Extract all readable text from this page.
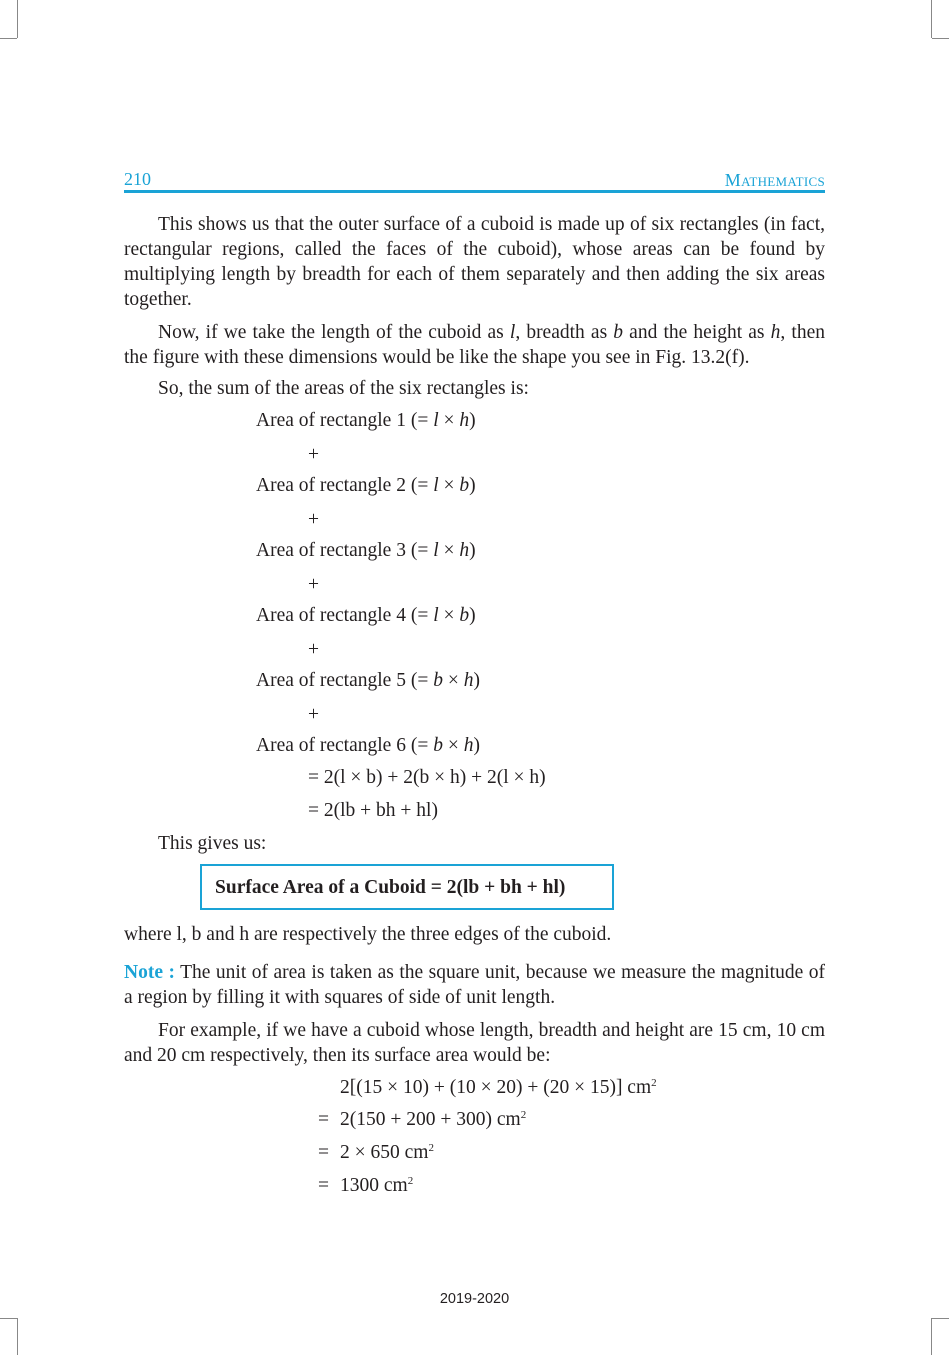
210	Mathematics

This shows us that the outer surface of a cuboid is made up of six rectangles (in fact, rectangular regions, called the faces of the cuboid), whose areas can be found by multiplying length by breadth for each of them separately and then adding the six areas together.

Now, if we take the length of the cuboid as l, breadth as b and the height as h, then the figure with these dimensions would be like the shape you see in Fig. 13.2(f).

So, the sum of the areas of the six rectangles is:

Area of rectangle 1 (= l × h)
+
Area of rectangle 2 (= l × b)
+
Area of rectangle 3 (= l × h)
+
Area of rectangle 4 (= l × b)
+
Area of rectangle 5 (= b × h)
+
Area of rectangle 6 (= b × h)
= 2(l × b) + 2(b × h) + 2(l × h)
= 2(lb + bh + hl)
This gives us:
Surface Area of a Cuboid = 2(lb + bh + hl)

where l, b and h are respectively the three edges of the cuboid.

Note : The unit of area is taken as the square unit, because we measure the magnitude of a region by filling it with squares of side of unit length.

For example, if we have a cuboid whose length, breadth and height are 15 cm, 10 cm and 20 cm respectively, then its surface area would be:

2[(15 × 10) + (10 × 20) + (20 × 15)] $cm^2$
= 2(150 + 200 + 300) $cm^2$
= 2 × 650 $cm^2$
= 1300 $cm^2$
2019-2020
